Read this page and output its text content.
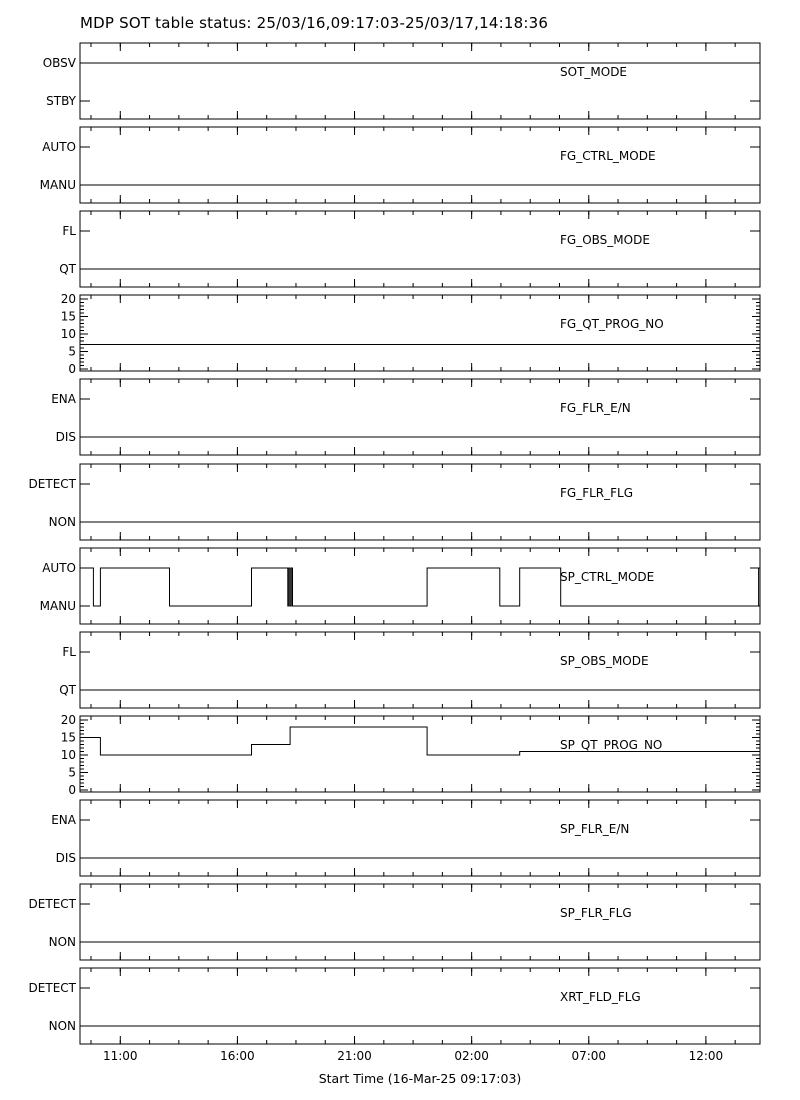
MDP SOT table status: 25/03/16,09:17:03-25/03/17,14:18:36
OBSV
STBY
SOT_MODE
AUTO
MANU
FG_CTRL_MODE
FL
QT
FG_OBS_MODE
0
5
10
15
20
FG_QT_PROG_NO
ENA
DIS
FG_FLR_E/N
DETECT
NON
FG_FLR_FLG
AUTO
MANU
SP_CTRL_MODE
FL
QT
SP_OBS_MODE
0
5
10
15
20
SP_QT_PROG_NO
ENA
DIS
SP_FLR_E/N
DETECT
NON
SP_FLR_FLG
DETECT
NON
XRT_FLD_FLG
11:00	16:00	21:00	02:00	07:00	12:00
Start Time (16-Mar-25 09:17:03)
